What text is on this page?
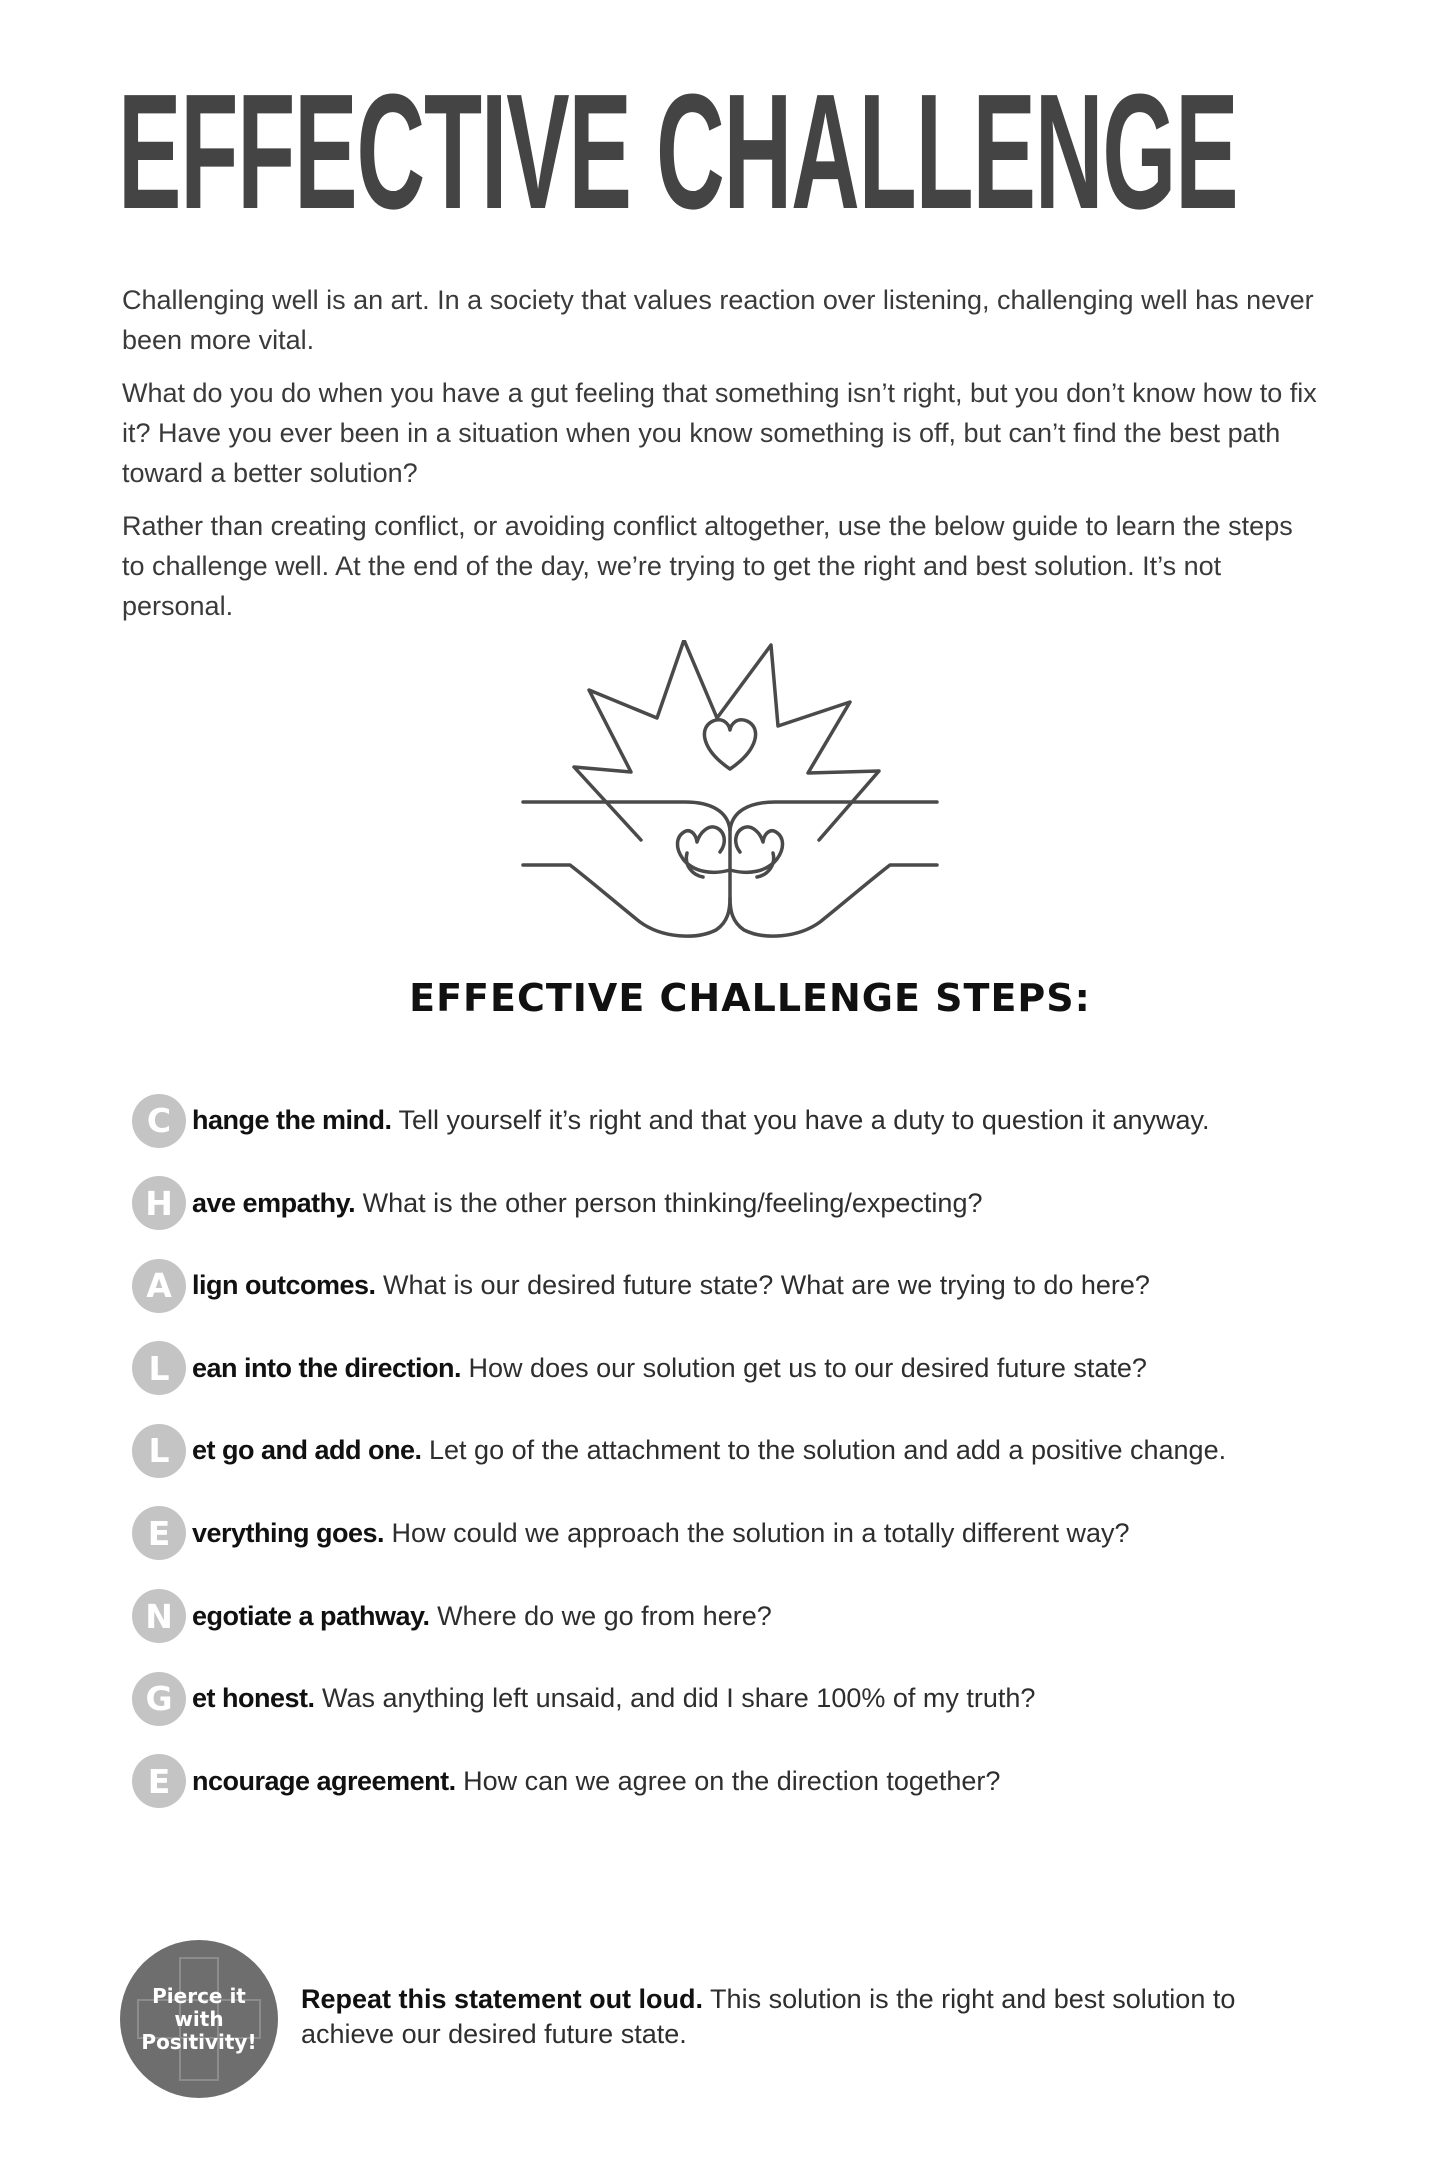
EFFECTIVE CHALLENGE

Challenging well is an art. In a society that values reaction over listening, challenging well has never been more vital.

What do you do when you have a gut feeling that something isn’t right, but you don’t know how to fix it? Have you ever been in a situation when you know something is off, but can’t find the best path toward a better solution?

Rather than creating conflict, or avoiding conflict altogether, use the below guide to learn the steps to challenge well. At the end of the day, we’re trying to get the right and best solution. It’s not personal.

EFFECTIVE CHALLENGE STEPS:
C hange the mind. Tell yourself it’s right and that you have a duty to question it anyway.
H ave empathy. What is the other person thinking/feeling/expecting?
A lign outcomes. What is our desired future state? What are we trying to do here?
L ean into the direction. How does our solution get us to our desired future state?
L et go and add one. Let go of the attachment to the solution and add a positive change.
E verything goes. How could we approach the solution in a totally different way?
N egotiate a pathway. Where do we go from here?
G et honest. Was anything left unsaid, and did I share 100% of my truth?
E ncourage agreement. How can we agree on the direction together?
Pierce it
with
Positivity!
Repeat this statement out loud. This solution is the right and best solution to achieve our desired future state.
